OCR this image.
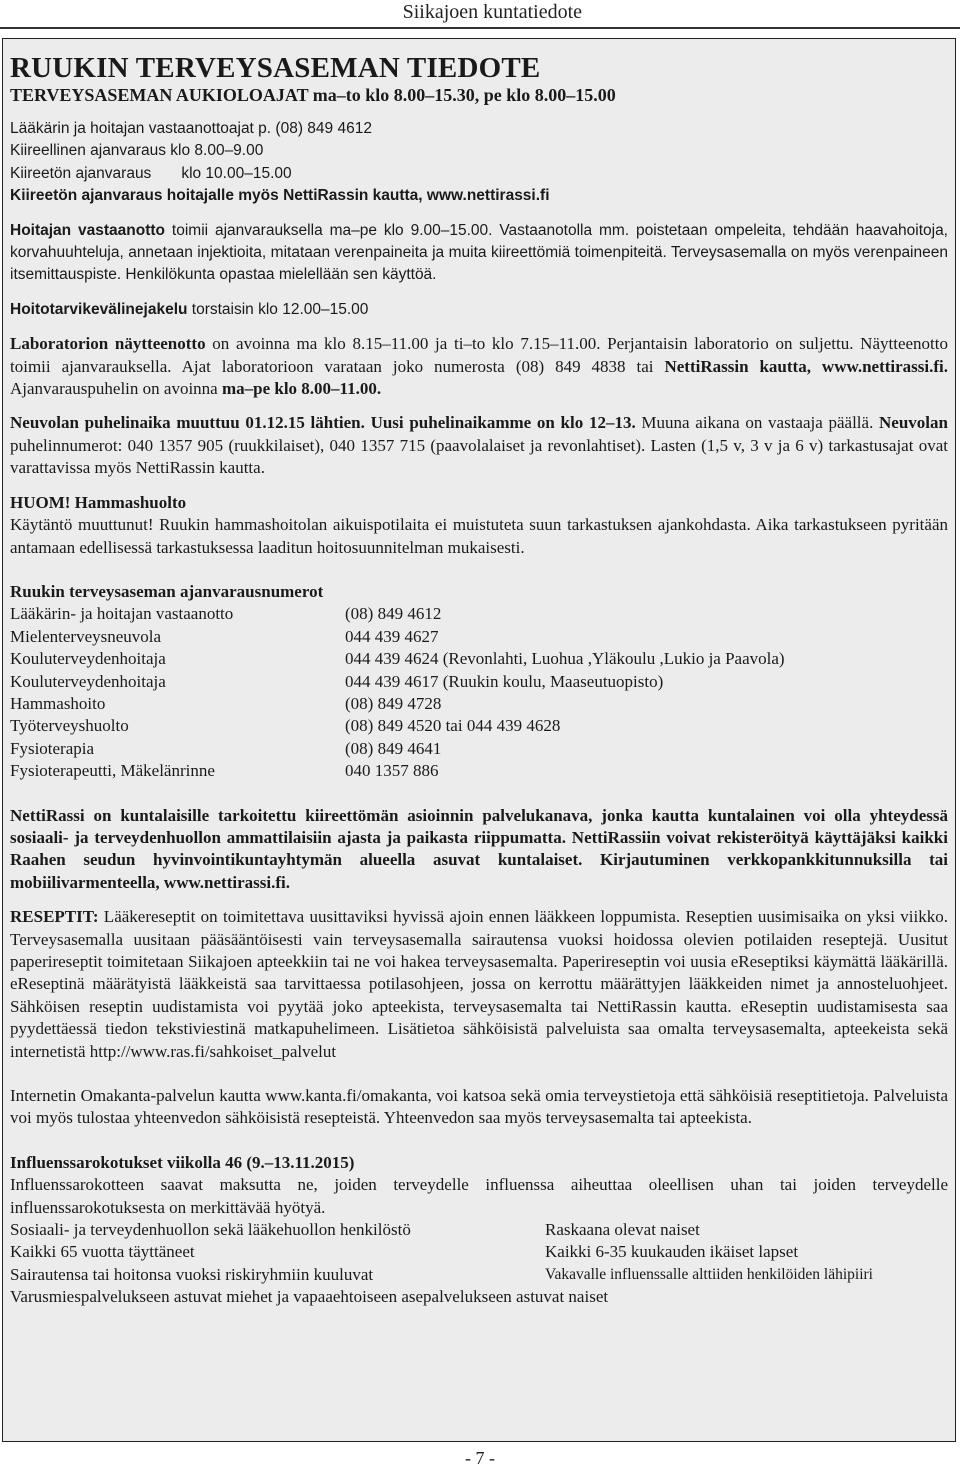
Siikajoen kuntatiedote
RUUKIN TERVEYSASEMAN TIEDOTE
TERVEYSASEMAN AUKIOLOAJAT ma–to klo 8.00–15.30, pe klo 8.00–15.00

Lääkärin ja hoitajan vastaanottoajat p. (08) 849 4612

Kiireellinen ajanvaraus klo 8.00–9.00

Kiireetön ajanvaraus klo 10.00–15.00

Kiireetön ajanvaraus hoitajalle myös NettiRassin kautta, www.nettirassi.fi

Hoitajan vastaanotto toimii ajanvarauksella ma–pe klo 9.00–15.00. Vastaanotolla mm. poistetaan ompeleita, tehdään haavahoitoja, korvahuuhteluja, annetaan injektioita, mitataan verenpaineita ja muita kiireettömiä toimenpiteitä. Terveysasemalla on myös verenpaineen itsemittauspiste. Henkilökunta opastaa mielellään sen käyttöä.

Hoitotarvikevälinejakelu torstaisin klo 12.00–15.00

Laboratorion näytteenotto on avoinna ma klo 8.15–11.00 ja ti–to klo 7.15–11.00. Perjantaisin laboratorio on suljettu. Näytteenotto toimii ajanvarauksella. Ajat laboratorioon varataan joko numerosta (08) 849 4838 tai NettiRassin kautta, www.nettirassi.fi. Ajanvarauspuhelin on avoinna ma–pe klo 8.00–11.00.

Neuvolan puhelinaika muuttuu 01.12.15 lähtien. Uusi puhelinaikamme on klo 12–13. Muuna aikana on vastaaja päällä. Neuvolan puhelinnumerot: 040 1357 905 (ruukkilaiset), 040 1357 715 (paavolalaiset ja revonlahtiset). Lasten (1,5 v, 3 v ja 6 v) tarkastusajat ovat varattavissa myös NettiRassin kautta.

HUOM! Hammashuolto

Käytäntö muuttunut! Ruukin hammashoitolan aikuispotilaita ei muistuteta suun tarkastuksen ajankohdasta. Aika tarkastukseen pyritään antamaan edellisessä tarkastuksessa laaditun hoitosuunnitelman mukaisesti.

Ruukin terveysaseman ajanvarausnumerot

Lääkärin- ja hoitajan vastaanotto	(08) 849 4612
Mielenterveysneuvola	044 439 4627
Kouluterveydenhoitaja	044 439 4624 (Revonlahti, Luohua ,Yläkoulu ,Lukio ja Paavola)
Kouluterveydenhoitaja	044 439 4617 (Ruukin koulu, Maaseutuopisto)
Hammashoito	(08) 849 4728
Työterveyshuolto	(08) 849 4520 tai 044 439 4628
Fysioterapia	(08) 849 4641
Fysioterapeutti, Mäkelänrinne	040 1357 886

NettiRassi on kuntalaisille tarkoitettu kiireettömän asioinnin palvelukanava, jonka kautta kuntalainen voi olla yhteydessä sosiaali- ja terveydenhuollon ammattilaisiin ajasta ja paikasta riippumatta. NettiRassiin voivat rekisteröityä käyttäjäksi kaikki Raahen seudun hyvinvointikuntayhtymän alueella asuvat kuntalaiset. Kirjautuminen verkkopankkitunnuksilla tai mobiilivarmenteella, www.nettirassi.fi.

RESEPTIT: Lääkereseptit on toimitettava uusittaviksi hyvissä ajoin ennen lääkkeen loppumista. Reseptien uusimisaika on yksi viikko. Terveysasemalla uusitaan pääsääntöisesti vain terveysasemalla sairautensa vuoksi hoidossa olevien potilaiden reseptejä. Uusitut paperireseptit toimitetaan Siikajoen apteekkiin tai ne voi hakea terveysasemalta. Paperireseptin voi uusia eReseptiksi käymättä lääkärillä. eReseptinä määrätyistä lääkkeistä saa tarvittaessa potilasohjeen, jossa on kerrottu määrättyjen lääkkeiden nimet ja annosteluohjeet. Sähköisen reseptin uudistamista voi pyytää joko apteekista, terveysasemalta tai NettiRassin kautta. eReseptin uudistamisesta saa pyydettäessä tiedon tekstiviestinä matkapuhelimeen. Lisätietoa sähköisistä palveluista saa omalta terveysasemalta, apteekeista sekä internetistä http://www.ras.fi/sahkoiset_palvelut

Internetin Omakanta-palvelun kautta www.kanta.fi/omakanta, voi katsoa sekä omia terveystietoja että sähköisiä reseptitietoja. Palveluista voi myös tulostaa yhteenvedon sähköisistä resepteistä. Yhteenvedon saa myös terveysasemalta tai apteekista.

Influenssarokotukset viikolla 46 (9.–13.11.2015)

Influenssarokotteen saavat maksutta ne, joiden terveydelle influenssa aiheuttaa oleellisen uhan tai joiden terveydelle influenssarokotuksesta on merkittävää hyötyä.

Sosiaali- ja terveydenhuollon sekä lääkehuollon henkilöstö	Raskaana olevat naiset
Kaikki 65 vuotta täyttäneet	Kaikki 6-35 kuukauden ikäiset lapset
Sairautensa tai hoitonsa vuoksi riskiryhmiin kuuluvat	Vakavalle influenssalle alttiiden henkilöiden lähipiiri

Varusmiespalvelukseen astuvat miehet ja vapaaehtoiseen asepalvelukseen astuvat naiset

- 7 -
